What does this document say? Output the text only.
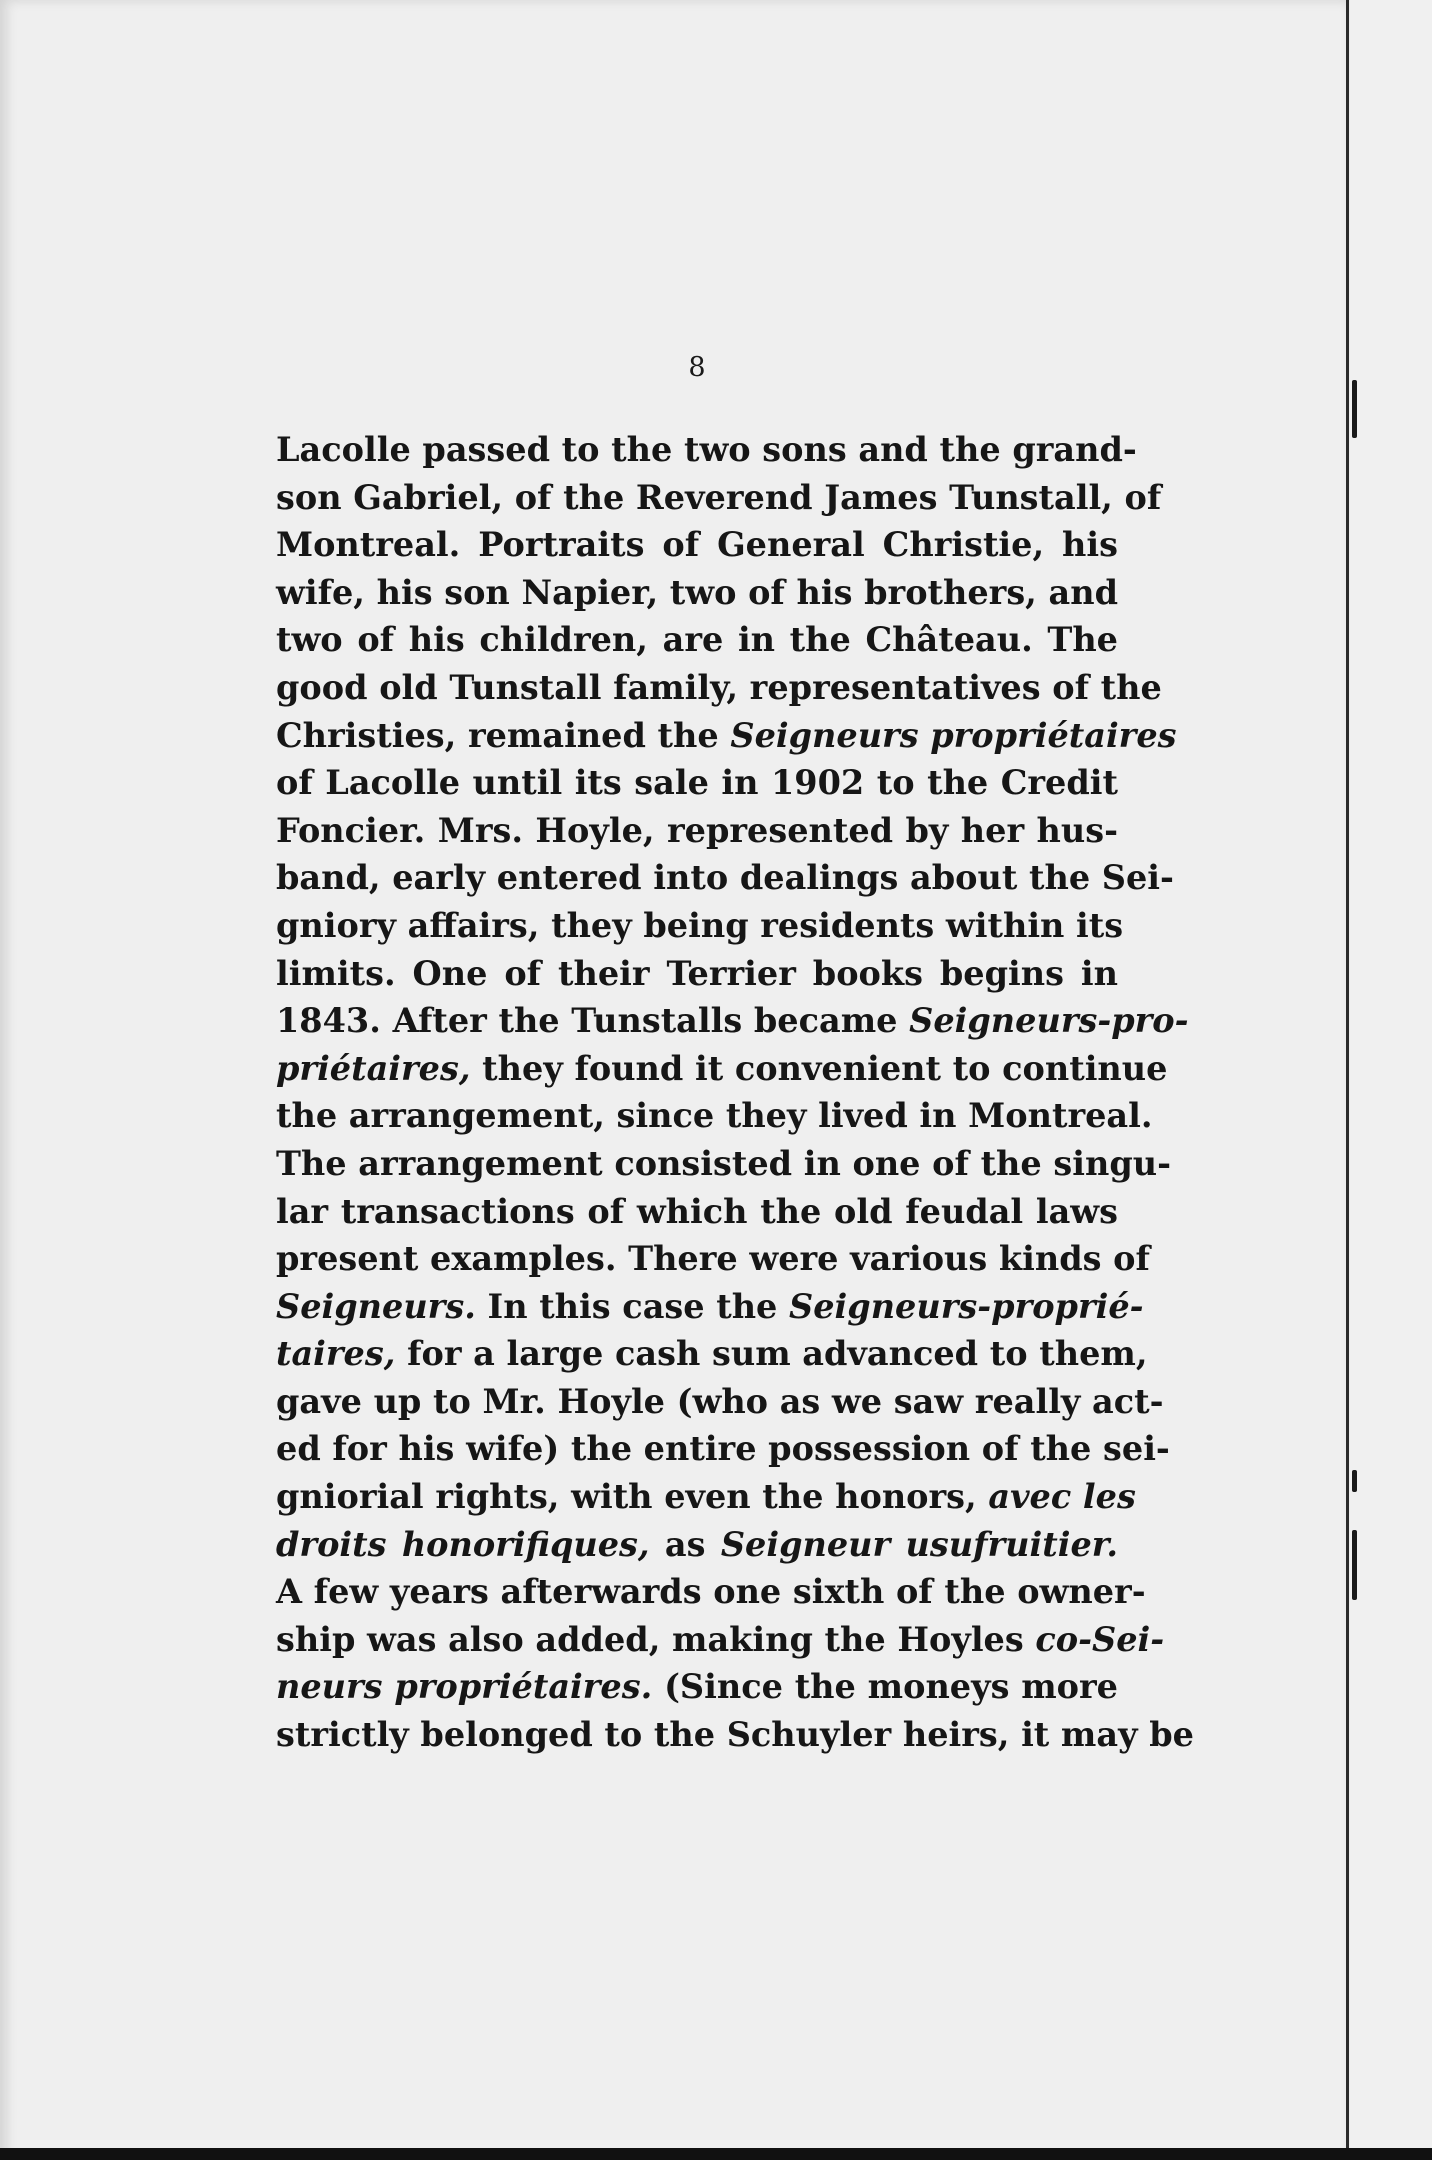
8
Lacolle passed to the two sons and the grand-
son Gabriel, of the Reverend James Tunstall, of
Montreal. Portraits of General Christie, his
wife, his son Napier, two of his brothers, and
two of his children, are in the Château. The
good old Tunstall family, representatives of the
Christies, remained the Seigneurs propriétaires
of Lacolle until its sale in 1902 to the Credit
Foncier. Mrs. Hoyle, represented by her hus-
band, early entered into dealings about the Sei-
gniory affairs, they being residents within its
limits. One of their Terrier books begins in
1843. After the Tunstalls became Seigneurs-pro-
priétaires, they found it convenient to continue
the arrangement, since they lived in Montreal.
The arrangement consisted in one of the singu-
lar transactions of which the old feudal laws
present examples. There were various kinds of
Seigneurs. In this case the Seigneurs-proprié-
taires, for a large cash sum advanced to them,
gave up to Mr. Hoyle (who as we saw really act-
ed for his wife) the entire possession of the sei-
gniorial rights, with even the honors, avec les
droits honorifiques, as Seigneur usufruitier.
A few years afterwards one sixth of the owner-
ship was also added, making the Hoyles co-Sei-
neurs propriétaires. (Since the moneys more
strictly belonged to the Schuyler heirs, it may be
